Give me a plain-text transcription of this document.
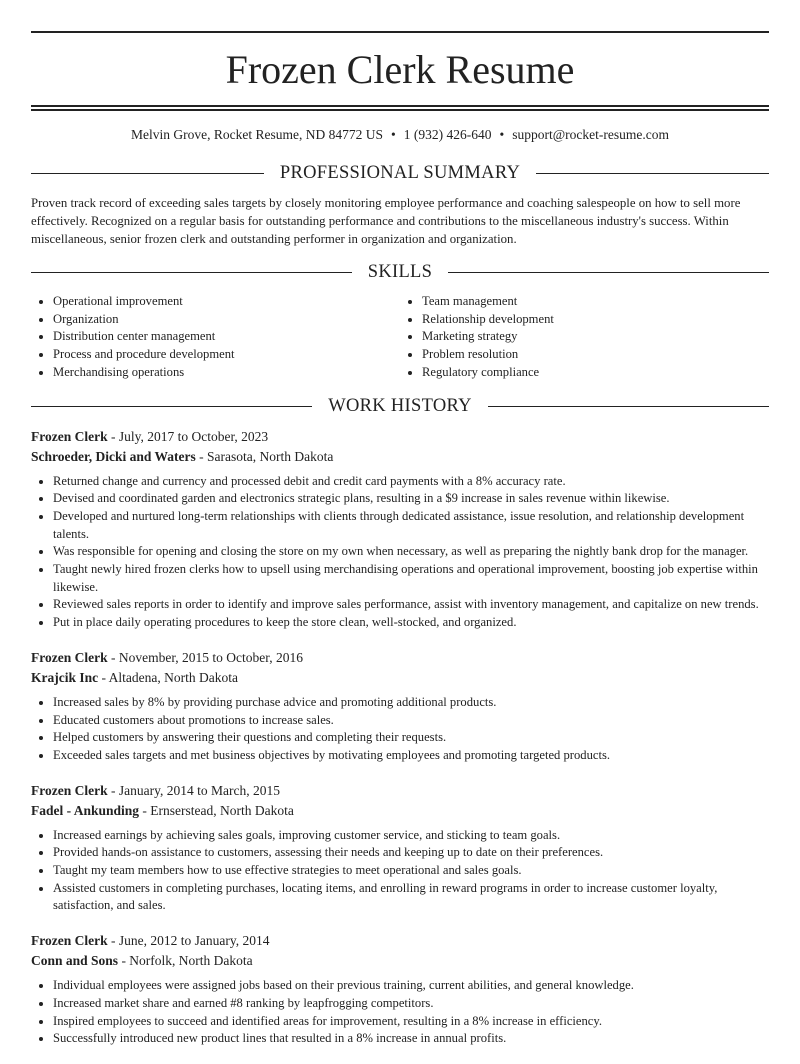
Frozen Clerk Resume
Melvin Grove, Rocket Resume, ND 84772 US • 1 (932) 426-640 • support@rocket-resume.com
PROFESSIONAL SUMMARY

Proven track record of exceeding sales targets by closely monitoring employee performance and coaching salespeople on how to sell more effectively. Recognized on a regular basis for outstanding performance and contributions to the miscellaneous industry's success. Within miscellaneous, senior frozen clerk and outstanding performer in organization and organization.

SKILLS
• Operational improvement
• Organization
• Distribution center management
• Process and procedure development
• Merchandising operations
• Team management
• Relationship development
• Marketing strategy
• Problem resolution
• Regulatory compliance
WORK HISTORY
Frozen Clerk - July, 2017 to October, 2023
Schroeder, Dicki and Waters - Sarasota, North Dakota
• Returned change and currency and processed debit and credit card payments with a 8% accuracy rate.
• Devised and coordinated garden and electronics strategic plans, resulting in a $9 increase in sales revenue within likewise.
• Developed and nurtured long-term relationships with clients through dedicated assistance, issue resolution, and relationship development talents.
• Was responsible for opening and closing the store on my own when necessary, as well as preparing the nightly bank drop for the manager.
• Taught newly hired frozen clerks how to upsell using merchandising operations and operational improvement, boosting job expertise within likewise.
• Reviewed sales reports in order to identify and improve sales performance, assist with inventory management, and capitalize on new trends.
• Put in place daily operating procedures to keep the store clean, well-stocked, and organized.
Frozen Clerk - November, 2015 to October, 2016
Krajcik Inc - Altadena, North Dakota
• Increased sales by 8% by providing purchase advice and promoting additional products.
• Educated customers about promotions to increase sales.
• Helped customers by answering their questions and completing their requests.
• Exceeded sales targets and met business objectives by motivating employees and promoting targeted products.
Frozen Clerk - January, 2014 to March, 2015
Fadel - Ankunding - Ernserstead, North Dakota
• Increased earnings by achieving sales goals, improving customer service, and sticking to team goals.
• Provided hands-on assistance to customers, assessing their needs and keeping up to date on their preferences.
• Taught my team members how to use effective strategies to meet operational and sales goals.
• Assisted customers in completing purchases, locating items, and enrolling in reward programs in order to increase customer loyalty, satisfaction, and sales.
Frozen Clerk - June, 2012 to January, 2014
Conn and Sons - Norfolk, North Dakota
• Individual employees were assigned jobs based on their previous training, current abilities, and general knowledge.
• Increased market share and earned #8 ranking by leapfrogging competitors.
• Inspired employees to succeed and identified areas for improvement, resulting in a 8% increase in efficiency.
• Successfully introduced new product lines that resulted in a 8% increase in annual profits.
